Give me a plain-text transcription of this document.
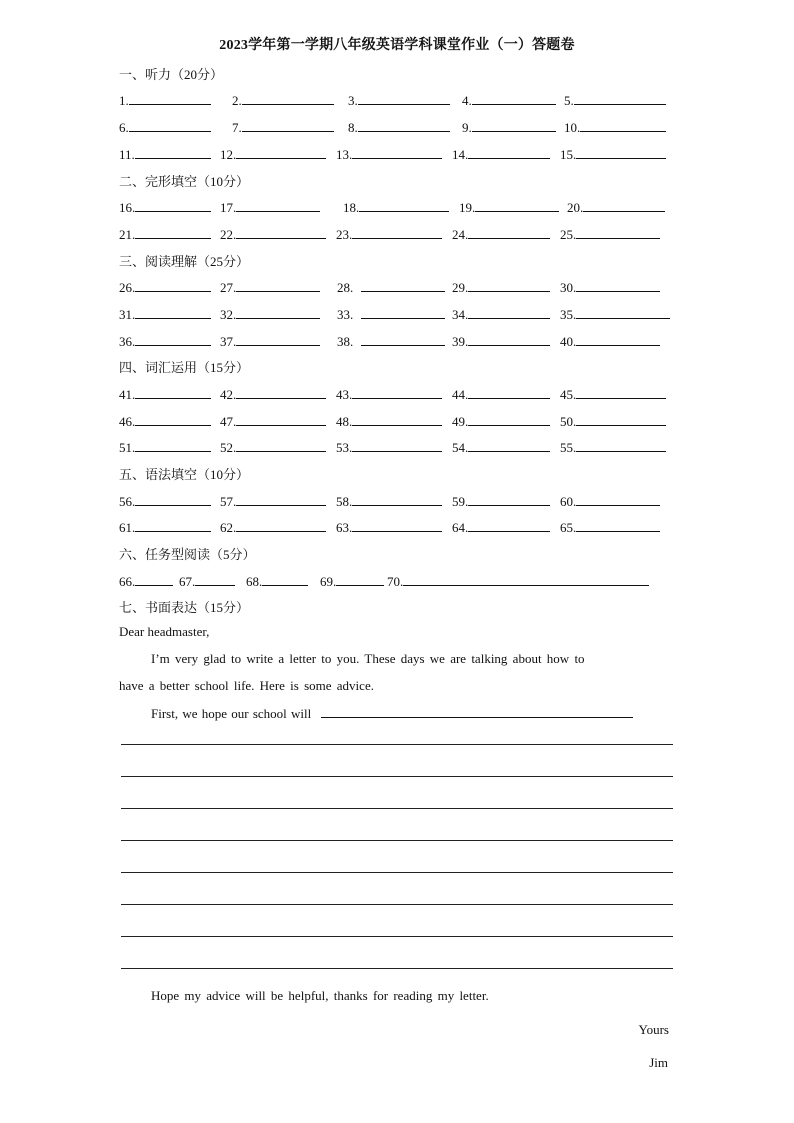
2023学年第一学期八年级英语学科课堂作业（一）答题卷
一、听力（20分）
1.	2.	3.	4.	5.
6.	7.	8.	9.	10.
11.	12.	13.	14.	15.
二、完形填空（10分）
16.	17.	18.	19.	20.
21.	22.	23.	24.	25.
三、阅读理解（25分）
26.	27.	28.	29.	30.
31.	32.	33.	34.	35.
36.	37.	38.	39.	40.
四、词汇运用（15分）
41.	42.	43.	44.	45.
46.	47.	48.	49.	50.
51.	52.	53.	54.	55.
五、语法填空（10分）
56.	57.	58.	59.	60.
61.	62.	63.	64.	65.
六、任务型阅读（5分）
66.	67.	68.	69.	70.
七、书面表达（15分）
Dear headmaster,
I’m very glad to write a letter to you. These days we are talking about how to
have a better school life. Here is some advice.
First, we hope our school will
Hope my advice will be helpful, thanks for reading my letter.
Yours
Jim
